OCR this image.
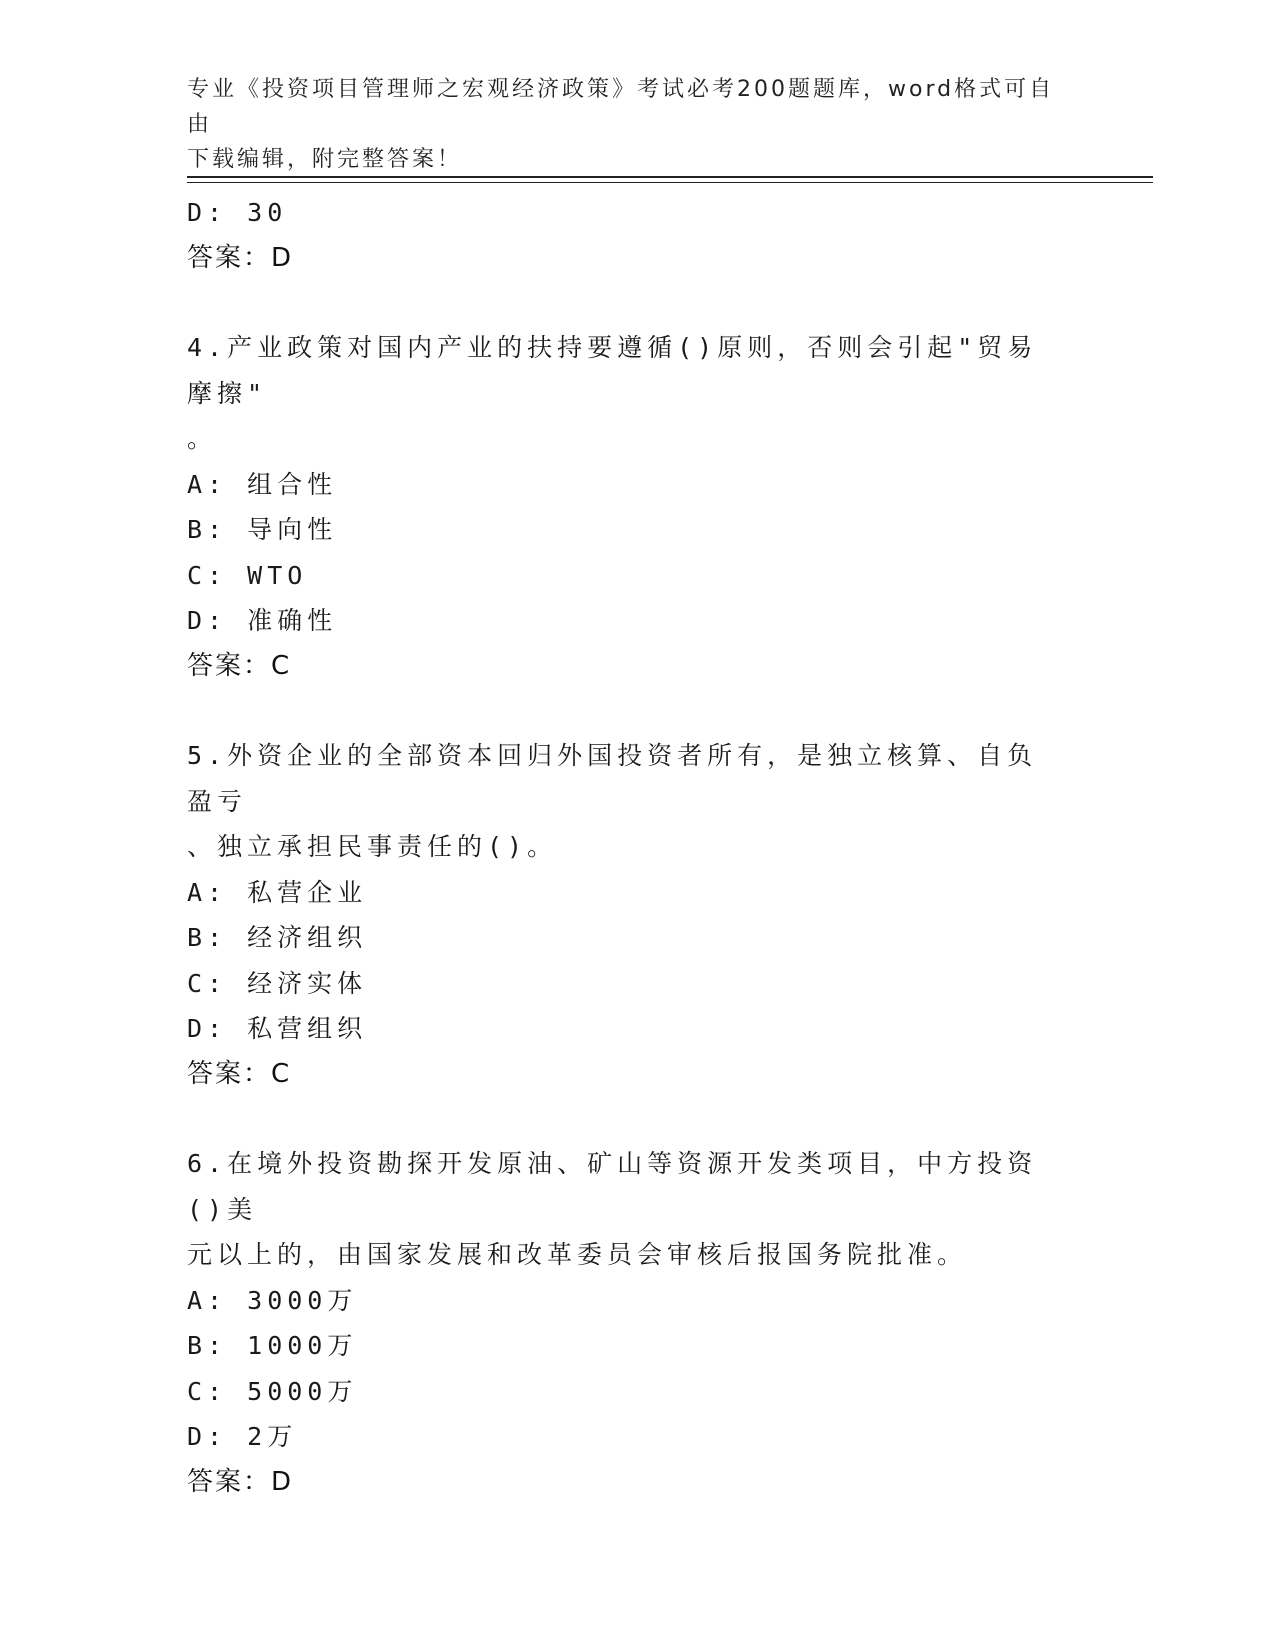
专业《投资项目管理师之宏观经济政策》考试必考200题题库，word格式可自由
下载编辑，附完整答案！
D: 30
答案：D
4.产业政策对国内产业的扶持要遵循()原则，否则会引起"贸易摩擦"
。
A: 组合性
B: 导向性
C: WTO
D: 准确性
答案：C
5.外资企业的全部资本回归外国投资者所有，是独立核算、自负盈亏
、独立承担民事责任的()。
A: 私营企业
B: 经济组织
C: 经济实体
D: 私营组织
答案：C
6.在境外投资勘探开发原油、矿山等资源开发类项目，中方投资()美
元以上的，由国家发展和改革委员会审核后报国务院批准。
A: 3000万
B: 1000万
C: 5000万
D: 2万
答案：D
